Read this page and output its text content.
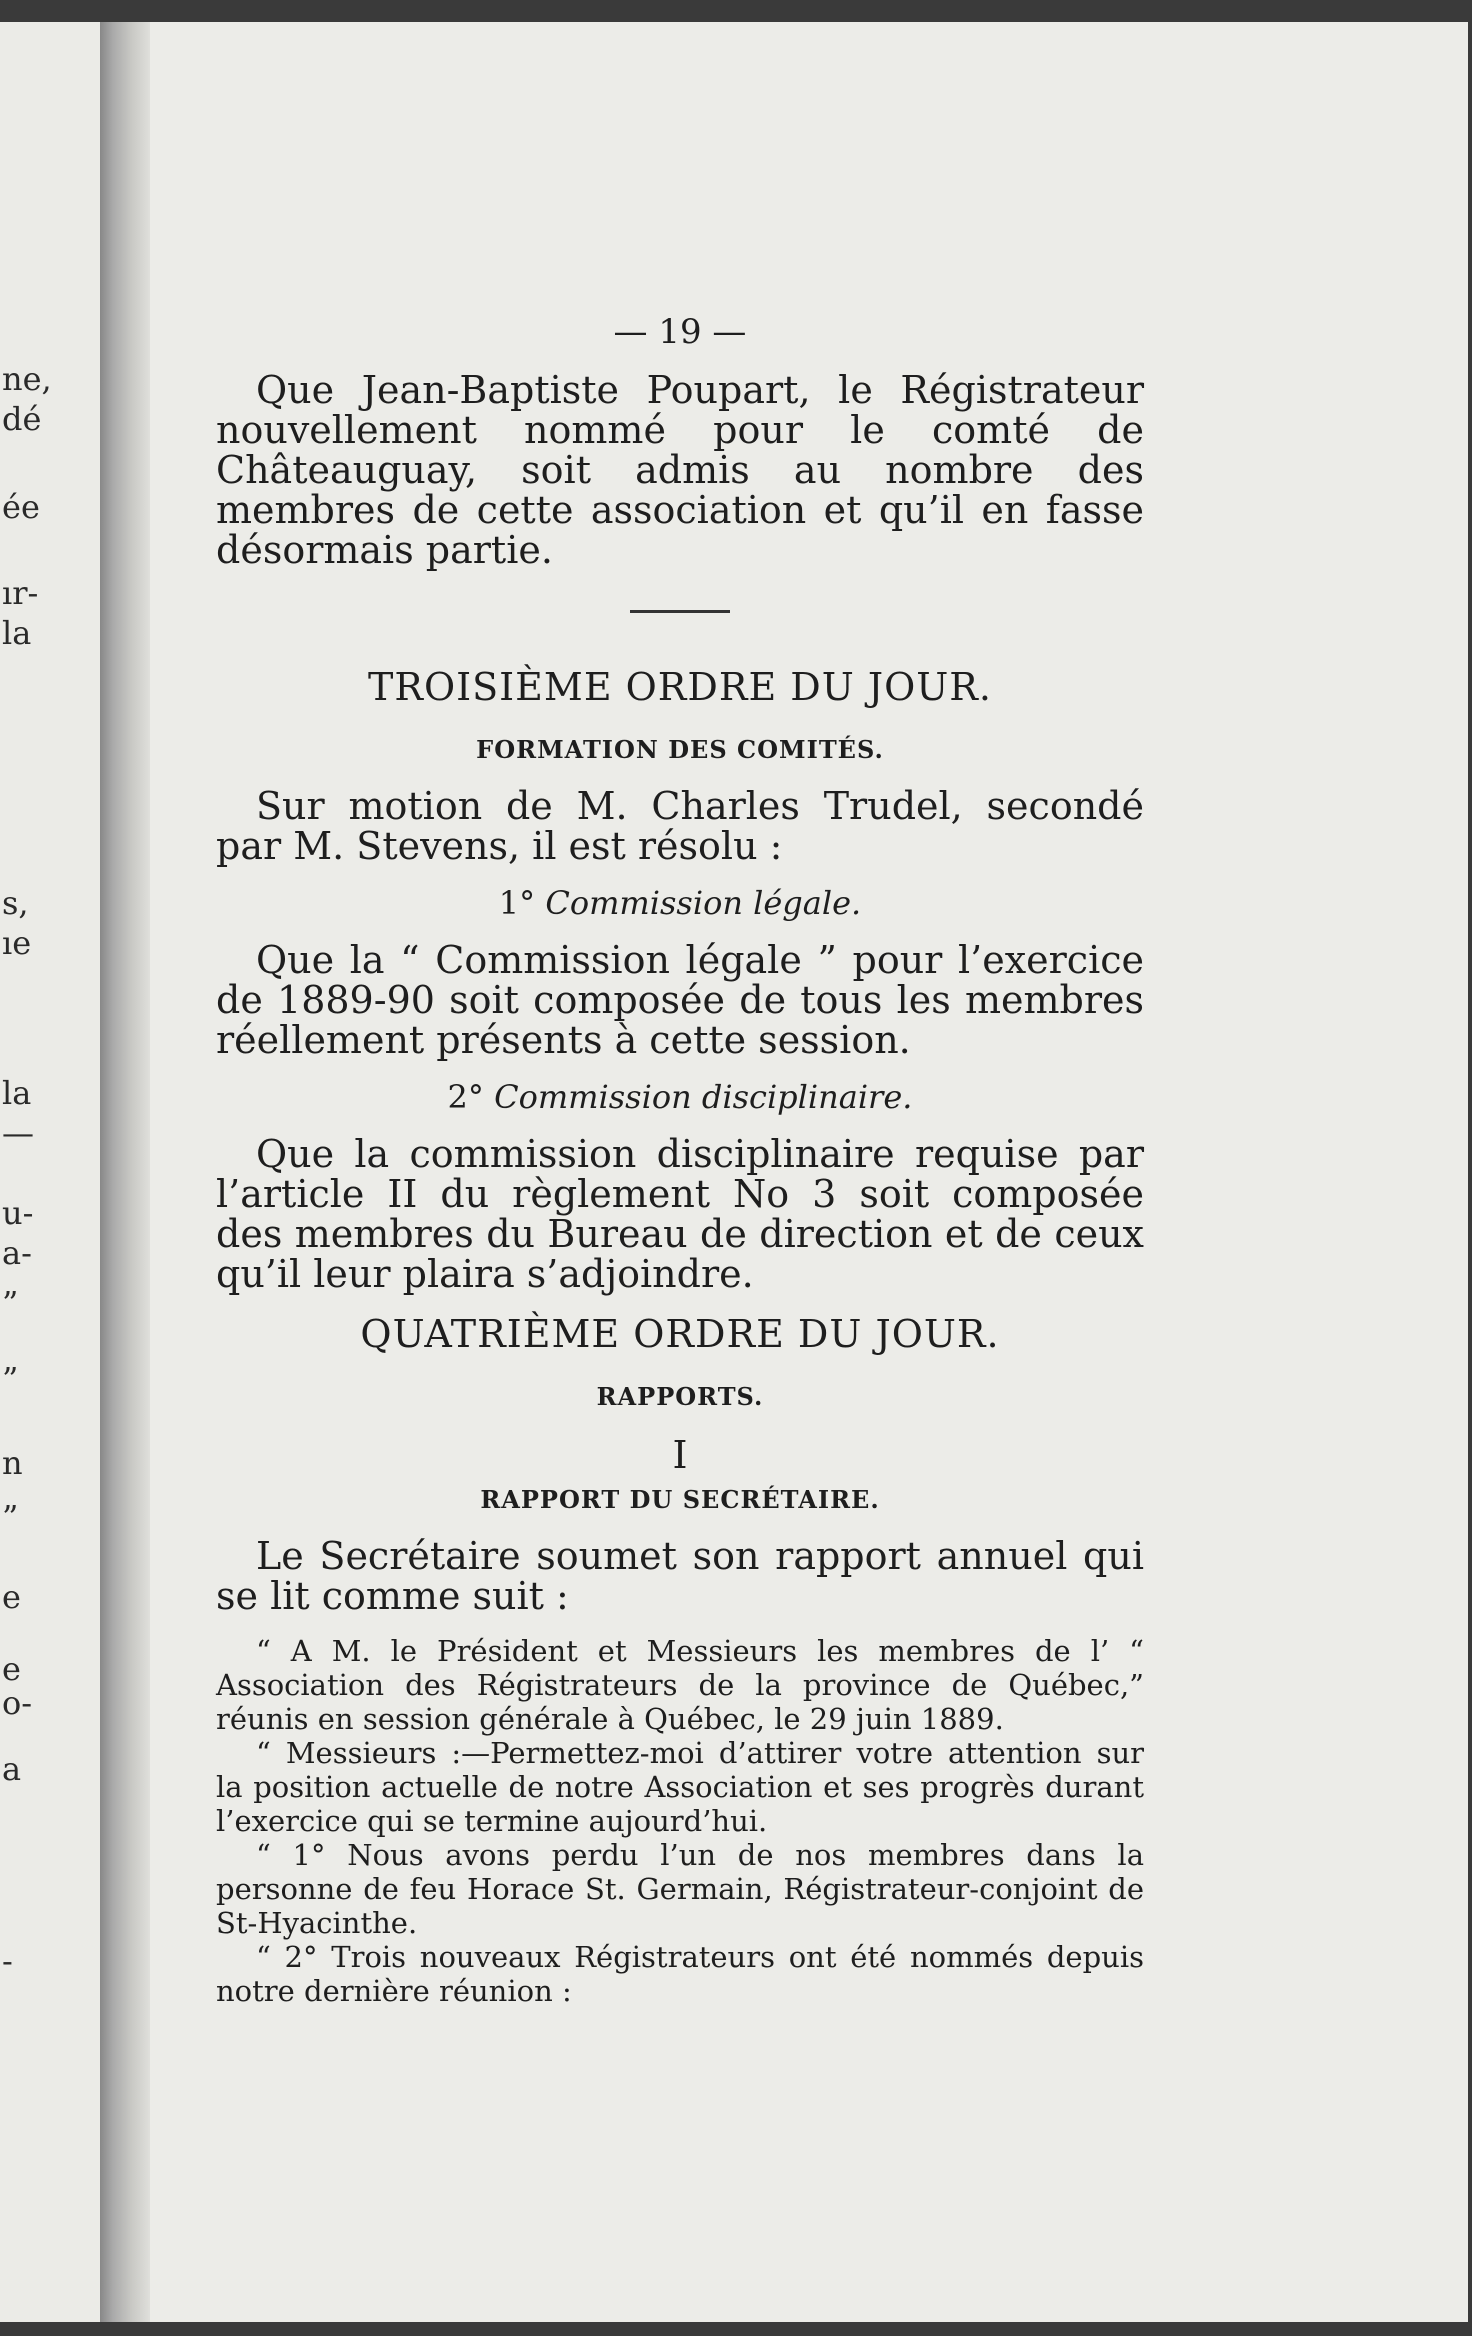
ne,
dé
ée
ır-
la
s,
ıe
la
—
u-
a-
”
”
n
”
e
e
o-
a
-
— 19 —

Que Jean-Baptiste Poupart, le Régistrateur nouvellement nommé pour le comté de Châteauguay, soit admis au nombre des membres de cette association et qu’il en fasse désormais partie.

TROISIÈME ORDRE DU JOUR.
FORMATION DES COMITÉS.

Sur motion de M. Charles Trudel, secondé par M. Stevens, il est résolu :

1° Commission légale.

Que la “ Commission légale ” pour l’exercice de 1889-90 soit composée de tous les membres réellement présents à cette session.

2° Commission disciplinaire.

Que la commission disciplinaire requise par l’article II du règlement No 3 soit composée des membres du Bureau de direction et de ceux qu’il leur plaira s’adjoindre.

QUATRIÈME ORDRE DU JOUR.
RAPPORTS.
I
RAPPORT DU SECRÉTAIRE.

Le Secrétaire soumet son rapport annuel qui se lit comme suit :

“ A M. le Président et Messieurs les membres de l’ “ Association des Régistrateurs de la province de Québec,” réunis en session générale à Québec, le 29 juin 1889.

“ Messieurs :—Permettez-moi d’attirer votre attention sur la position actuelle de notre Association et ses progrès durant l’exercice qui se termine aujourd’hui.

“ 1° Nous avons perdu l’un de nos membres dans la personne de feu Horace St. Germain, Régistrateur-conjoint de St-Hyacinthe.

“ 2° Trois nouveaux Régistrateurs ont été nommés depuis notre dernière réunion :
